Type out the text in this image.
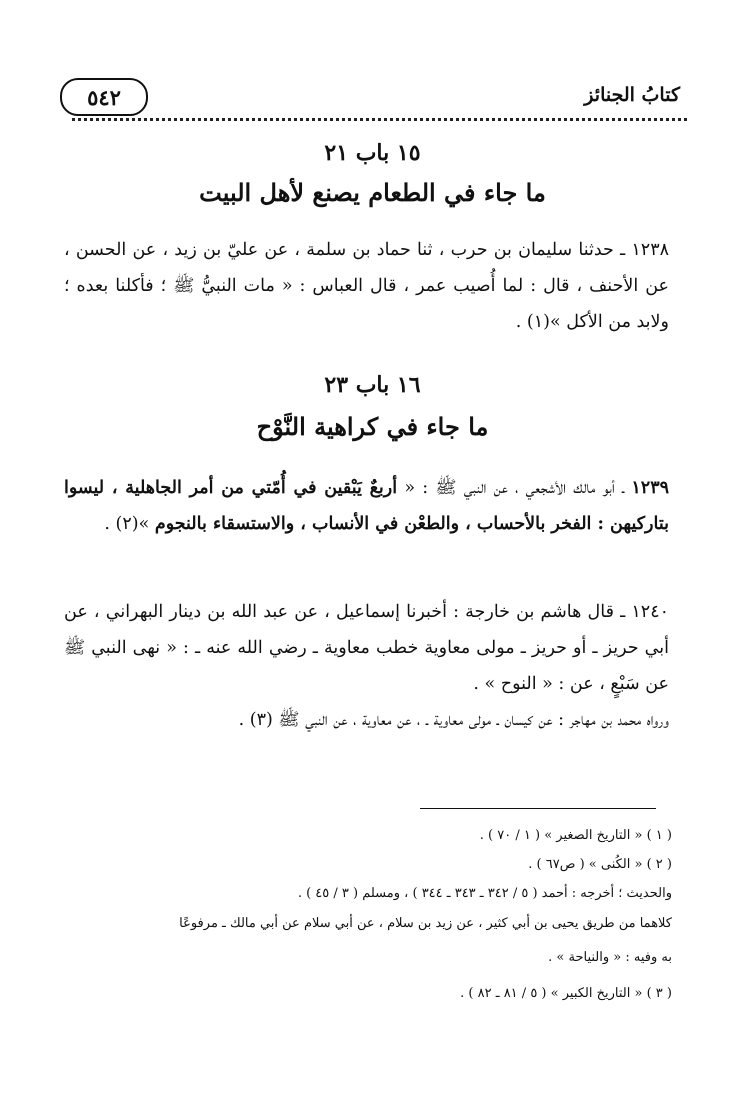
كتابُ الجنائز
٥٤٢
١٥ باب ٢١
ما جاء في الطعام يصنع لأهل البيت
١٢٣٨ ـ حدثنا سليمان بن حرب ، ثنا حماد بن سلمة ، عن عليّ بن زيد ، عن الحسن ، عن الأحنف ، قال : لما أُصيب عمر ، قال العباس : « مات النبيُّ ﷺ ؛ فأكلنا بعده ؛ ولابد من الأكل »(١) .
١٦ باب ٢٣
ما جاء في كراهية النَّوْح
١٢٣٩ ـ أبو مالك الأشجعي ، عن النبي ﷺ : « أربعٌ يَبْقين في أُمّتي من أمر الجاهلية ، ليسوا بتاركيهن : الفخر بالأحساب ، والطعْن في الأنساب ، والاستسقاء بالنجوم »(٢) .
١٢٤٠ ـ قال هاشم بن خارجة : أخبرنا إسماعيل ، عن عبد الله بن دينار البهراني ، عن أبي حريز ـ أو حريز ـ مولى معاوية خطب معاوية ـ رضي الله عنه ـ : « نهى النبي ﷺ عن سَبْعٍ ، عن : « النوح » .
ورواه محمد بن مهاجر : عن كيسان ـ مولى معاوية ـ ، عن معاوية ، عن النبي ﷺ (٣) .
( ١ ) « التاريخ الصغير » ( ١ / ٧٠ ) .
( ٢ ) « الكُنى » ( ص٦٧ ) .
والحديث ؛ أخرجه : أحمد ( ٥ / ٣٤٢ ـ ٣٤٣ ـ ٣٤٤ ) ، ومسلم ( ٣ / ٤٥ ) .
كلاهما من طريق يحيى بن أبي كثير ، عن زيد بن سلام ، عن أبي سلام عن أبي مالك ـ مرفوعًا
به وفيه : « والنياحة » .
( ٣ ) « التاريخ الكبير » ( ٥ / ٨١ ـ ٨٢ ) .
